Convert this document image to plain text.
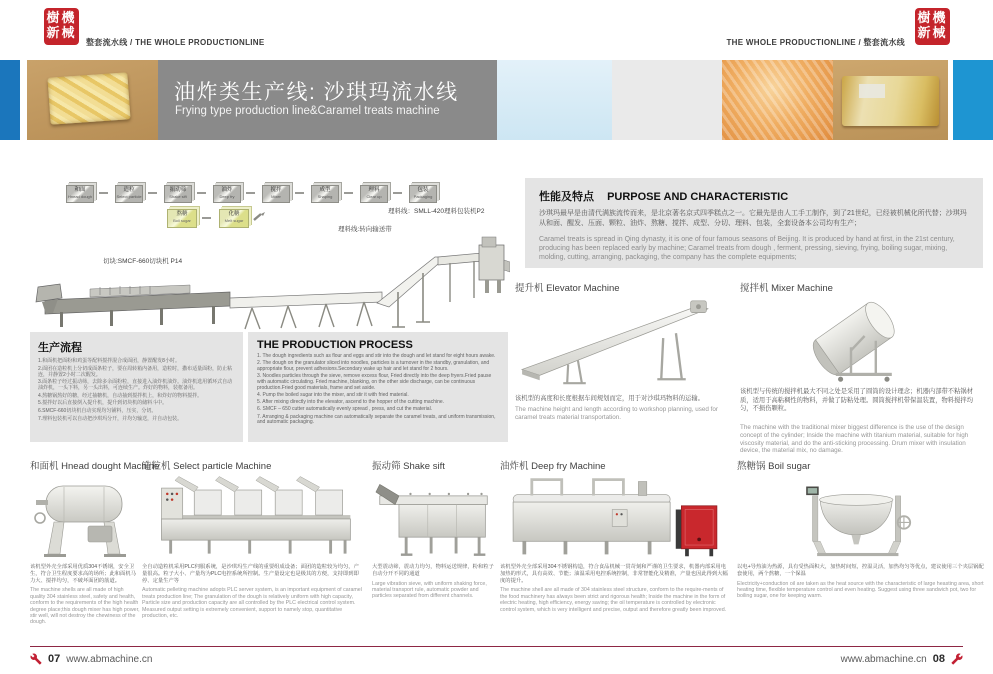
樹機
新械
整套流水线 / THE WHOLE PRODUCTIONLINE	THE WHOLE PRODUCTIONLINE / 整套流水线
樹機
新械
油炸类生产线: 沙琪玛流水线
Frying type production line&Caramel treats machine
和面
Hnead dough
造粒
Select particle
振动筛
Shake sift
油炸
Deep fry
搅拌
Mixer
成型
Shaping
理料
Clear up
包装
Packaging
熬糖
Boil sugar
化糖
Melt sugar
切块:SMCF-660切块机 P14
理料线:转向输送带
理料线：SMLL-420理料包装机P2
性能及特点 PURPOSE AND CHARACTERISTIC
沙琪玛最早是由清代满族流传而来，是北京著名京式四季糕点之一。它最先是由人工手工制作，到了21世纪，已经被机械化所代替；沙琪玛从和面、醒发、压面、颗粒、油炸、熬糖、搅拌、成型、分切、理料、包装，全套设备本公司均有生产；
Caramel treats is spread in Qing dynasty, it is one of four famous seasons of Beijing. It is produced by hand at first, in the 21st century, producing has been replaced early by machine; Caramel treats from dough , ferment, pressing, sieving, frying, boiling sugar, mixing, molding, cutting, arranging, packaging, the company has the complete equipments;
提升机 Elevator Machine
该机型的高度和长度根据车间规划而定，用于对沙琪玛物料的运输。
The machine height and length according to workshop planning, used for caramel treats material transportation.
搅拌机 Mixer Machine
该机型与传统的搅拌机最大不同之处是采用了圆筒的设计理念；机器内部带不粘锅材质，适用于高粘稠性的物料，并做了防粘处理。圆筒搅拌机带保温装置，物料搅拌均匀，不损伤颗粒。
The machine with the traditional mixer biggest difference is the use of the design concept of the cylinder; Inside the machine with titanium material, suitable for high viscosity material, and do the anti-sticking processing. Drum mixer with insulation device, the material mix, no damage.
生产流程
1.和面机把面粉和鸡蛋等配料搅拌混合成面团，静置醒发8小时。
2.面团在造粒机上分切成面条粒子，要在周转箱内备用，造粒时，撒布适量面粉，防止粘连，并静置2小时二次醒发。
3.面条粒子经过振动筛，去除多余面粉粒，直接进入油炸机油炸。油炸机选用循环式自动油炸机，一头下料，另一头出料，可连续生产。炸好的物料，装框备用。
4.熬糖锅熬好的糖，经过抽糖机，自动抽到搅拌机上，和炸好的物料搅拌。
5.搅拌好以后直接倒入提升机，提升到切块机的储料斗中。
6.SMCF-660切块机自动实现均匀铺料，压实，分切。
7.理料包装机可以自动把沙琪玛分开，并均匀输送，并自动包装。
THE PRODUCTION PROCESS
1. The dough ingredients such as flour and eggs and stir into the dough and let stand for eight hours awake.
2. The dough on the granulator sliced into noodles, particles is a turnover in the standby, granulation, and appropriate flour, prevent adhesions.Secondary wake up hair and let stand for 2 hours.
3. Noodles particles through the sieve, remove excess flour, Fried directly into the deep fryers.Fried pause with automatic circulating. Fried machine, blanking, on the other side discharge, can be continuous production.Fried good materials, frame and set aside.
4. Pump the boiled sugar into the mixer, and stir it with fried material.
5. After mixing directly into the elevator, ascend to the hopper of the cutting machine.
6. SMCF – 650 cutter automatically evenly spread , press, and cut the material.
7. Arranging & packaging machine can automatically separate the caramel treats, and uniform transmission, and automatic packaging.
和面机 Hnead dought Machine
该机型外壳全部采用优质304不锈钢，安全卫生，符合卫生程度要求高的场所；此和面机马力大、搅拌均匀，不破坏面团的筋道。
The machine shells are all made of high quality 304 stainless steel, safety and health, conform to the requirements of the high health degree place;this dough mixer has high power, stir well, will not destroy the chewiness of the dough.
造粒机 Select particle Machine
全自动造粒机采用PLC伺服系统，是沙琪玛生产线的重要组成设备；面团的造粒较为均匀，产量很高。粒子大小、产量均为PLC电控系统所控制。生产量设定也是极其的方便，支持即到即停、定量生产等
Automatic pelleting machine adopts PLC server system, is an important equipment of caramel treats production line; The granulation of the dough is relatively uniform with high capacity, Particle size and production capacity are all controlled by the PLC electrical control system. Measured output setting is extremely convenient, support to namely stop, quantitative production, etc.
振动筛 Shake sift
大型震动筛，震动力均匀，物料运送规律，粉和粒子自动分开不同的通道
Large vibration sieve, with uniform shaking force, material transport rule, automatic powder and particles separated from different channels.
油炸机 Deep fry Machine
该机型外壳全部采用304不锈钢构造，符合食品机械一贯苛刻和严谨的卫生要求，机器内部采用电加热的形式，具有高效、节能；油温采用电控系统控制，非常智能化及精准，产量也因此得到大幅度的提升。
The machine shell are all made of 304 stainless steel structure, conform to the require-ments of the food machinery has always been strict and rigorous health; Inside the machine in the form of electric heating, high efficiency, energy saving; the oil temperature is controlled by electronic control system, which is very intelligent and precise, output and therefore greatly been improved.
熬糖锅 Boil sugar
以电+导热油为热源，具有受热面积大，加热时间短，控温灵活，加热均匀等优点，建议使用三个夹层锅配套使用，两个熬糖，一个保温
Electricity+conduction oil are taken as the heat source with the characteristic of large heasting area, short heating time, flexible temperature control and even heating. Suggest using three sandwich pot, two for boiling sugar, one for keeping warm.
07 www.abmachine.cn	www.abmachine.cn 08
